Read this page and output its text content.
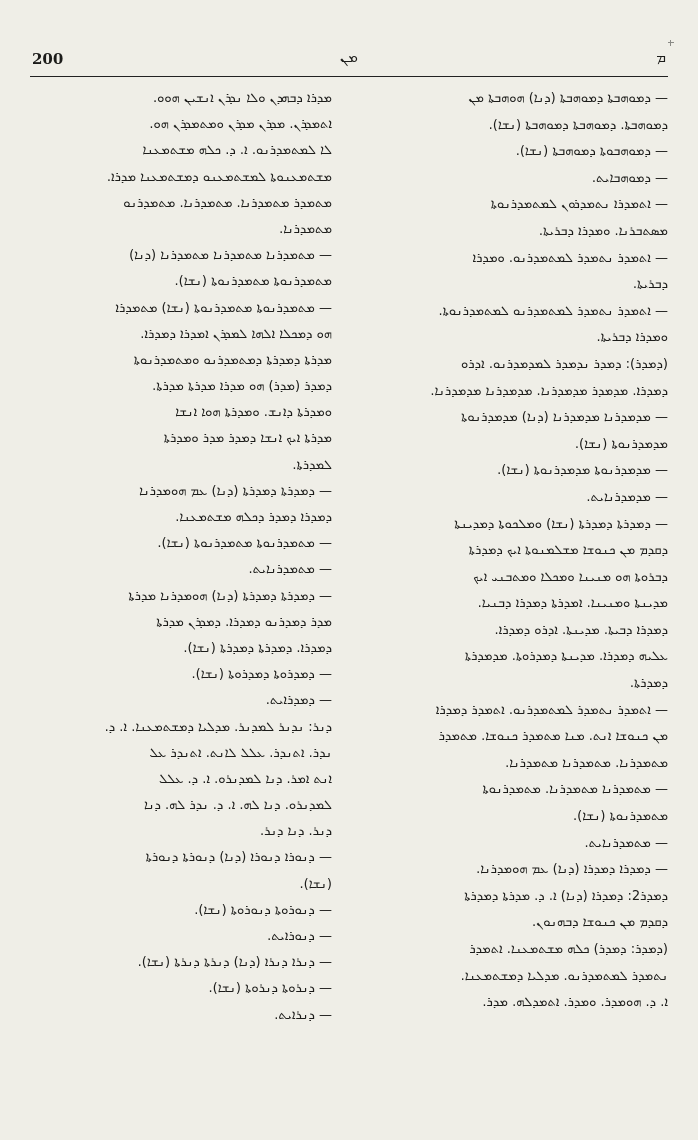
200	ܡܢ	ܡ
— ܕܡܘܗܒܬܐ ܕܡܘܗܒܬܐ (ܕܢܐ) ܗܘܗܒܬܐ ܡܢ
ܕܡܘܗܒܬܐ. ܕܡܘܗܒܬܐ ܕܡܘܗܒܬܐ (ܢܫܐ).
— ܕܡܘܗܒܘܬܐ ܕܡܘܗܒܬܐ (ܢܫܐ).
— ܕܡܘܗܒܐܝܬ.
— ܐܬܡܕܪܐ ܢܬܡܕܪܘܢ ܠܡܬܡܕܪܢܘܬܐ
ܡܣܬܒܪܢܐ. ܘܡܕܪܐ ܕܒܪܝܬܐ.
— ܐܬܡܕܪ ܢܬܡܕܪ ܠܡܬܡܕܪܢܘ. ܘܡܕܪܐ
ܕܒܪܝܬܐ.
— ܐܬܡܕܪ ܢܬܡܕܪ ܠܡܬܡܕܪܢܘ ܠܡܬܡܕܪܢܘܬܐ.
ܘܡܕܪܐ ܕܒܪܝܬܐ.
(ܕܡܕܪ): ܕܡܕܪ ܢܕܡܕܪ ܠܡܕܡܕܪܢܘ. ܐܕܪܘ
ܕܡܕܪܐ. ܡܕܡܕܪ ܡܕܡܕܪܢܐ. ܡܕܡܕܪܢܐ ܡܕܡܕܪܢܐ.
— ܡܕܡܕܪܢܐ ܡܕܡܕܪܢܐ (ܕܢܐ) ܡܕܡܕܪܢܘܬܐ
ܡܕܡܕܪܢܘܬܐ (ܢܫܐ).
— ܡܕܡܕܪܢܘܬܐ ܡܕܡܕܪܢܘܬܐ (ܢܫܐ).
— ܡܕܡܕܪܢܐܝܬ.
— ܕܡܕܪܬܐ ܕܡܕܪܬܐ (ܢܫܐ) ܘܡܠܟܘܬܐ ܕܡܕܝܢܬܐ
ܕܩܕܡ ܡܢ ܟܢܘܫܐ ܡܫܠܡܢܘܬܐ ܐܝܟ ܕܡܕܪܬܐ
ܕܒܪܘܬܐ ܗܘ ܡܢܝܢܐ ܘܡܟܠܐ ܘܡܬܒܢܝ ܐܝܟ
ܡܕܝܢܬܐ ܘܡܢܝܢܐ. ܐܡܕܪܬܐ ܕܡܕܪܐ ܕܒܢܝܐ.
ܕܡܕܪܐ ܕܒܝܬܐ. ܡܕܝܢܬܐ. ܐܕܪܘ ܕܡܕܪܐ.
ܥܠܝܗ ܕܡܕܪܐ. ܡܕܝܢܬܐ ܕܡܕܪܘܬܐ. ܡܕܡܕܪܬܐ
ܕܡܕܪܬܐ.
— ܐܬܡܕܪ ܢܬܡܕܪ ܠܡܬܡܕܪܢܘ. ܐܬܡܕܪ ܕܡܕܪܐ
ܡܢ ܟܢܘܫܐ ܐܢܬ. ܡܢܐ ܡܬܡܕܪ ܟܢܘܫܐ. ܡܬܡܕܪ
ܡܬܡܕܪܢܐ. ܡܬܡܕܪܢܐ ܡܬܡܕܪܢܐ.
— ܡܬܡܕܪܢܐ ܡܬܡܕܪܢܐ. ܡܬܡܕܪܢܘܬܐ
ܡܬܡܕܪܢܘܬܐ (ܢܫܐ).
— ܡܬܡܕܪܢܐܝܬ.
— ܕܡܕܪܐ ܕܡܕܪܐ (ܕܢܐ) ܥܡ ܗܘܡܕܪܢܐ.
ܕܡܕܪ2: ܕܡܕܪܐ (ܕܢܐ) ܐ. ܕ. ܡܕܪܬܐ ܕܡܕܪܬܐ
ܕܩܕܡ ܡܢ ܟܢܘܫܐ ܕܒܗܢܘܢ.
(ܕܡܕܪ: ܕܡܕܪ) ܟܠܗ ܡܫܬܡܥܢܐ. ܐܬܡܕܪ
ܢܬܡܕܪ ܠܡܬܡܕܪܢܘ. ܡܕܠܝܐ ܕܡܫܬܡܥܢܐ.
ܐ. ܕ. ܗܘܡܕܪ. ܘܡܕܪ. ܐܬܡܕܠܗ. ܡܕܪ.
ܡܕܪܐ ܕܒܗܕܢ ܘܠܐ ܢܕܪܢ ܐܢܫܝܢ ܗܘܘ.
ܐܬܡܕܪܢ. ܡܕܪܢ ܡܕܪܢ ܘܡܬܡܕܪܢ ܗܘ.
ܠܐ ܠܡܬܡܕܪܢܘ. ܐ. ܕ. ܟܠܗ ܡܫܬܡܥܢܐ
ܡܫܬܡܥܢܘܬܐ ܠܡܫܬܡܥܢܘ ܕܡܫܬܡܥܢܐ ܡܕܪܐ.
ܡܬܡܕܪ ܡܬܡܕܪܢܐ. ܡܬܡܕܪܢܐ. ܡܬܡܕܪܢܘ
ܡܬܡܕܪܢܐ.
— ܡܬܡܕܪܢܐ ܡܬܡܕܪܢܐ ܡܬܡܕܪܢܐ (ܕܢܐ)
ܡܬܡܕܪܢܘܬܐ ܡܬܡܕܪܢܘܬܐ (ܢܫܐ).
— ܡܬܡܕܪܢܘܬܐ ܡܬܡܕܪܢܘܬܐ (ܢܫܐ) ܡܬܡܕܪܐ
ܗܘ ܕܡܟܠܐ ܐܠܗܐ ܠܡܕܪܢ ܐܡܕܪܐ ܕܡܕܪܐ.
ܡܕܪܬܐ ܕܡܕܪܬܐ ܕܡܬܡܕܪܢܘ ܘܡܬܡܕܪܢܘܬܐ
ܕܡܕܪ (ܡܕܪ) ܗܘ ܡܕܪܐ ܡܕܪܬܐ ܡܕܪܬܐ.
ܘܡܕܪܬܐ ܕܐܢܫ. ܘܡܕܪܬܐ ܗܘܐ ܐܢܫܐ
ܡܕܪܬܐ ܐܝܟ ܐܢܫܐ ܕܡܕܪ ܡܕܪ ܘܡܕܪܬܐ
ܠܡܕܪܬܐ.
— ܕܡܕܪܬܐ ܕܡܕܪܬܐ (ܕܢܐ) ܥܡ ܗܘܡܕܪܢܐ
ܕܡܕܪܐ ܕܡܕܪ ܕܟܠܗ ܡܫܬܡܥܢܐ.
— ܡܬܡܕܪܢܘܬܐ ܡܬܡܕܪܢܘܬܐ (ܢܫܐ).
— ܡܬܡܕܪܢܐܝܬ.
— ܕܡܕܪܬܐ ܕܡܕܪܬܐ (ܕܢܐ) ܗܘܡܕܪܢܐ ܡܕܪܬܐ
ܡܕܪ ܕܡܕܪܢܘ ܕܡܕܪܐ. ܕܡܕܪܢ ܡܕܪܬܐ
ܕܡܕܪܐ. ܕܡܕܪܬܐ ܕܡܕܪܬܐ (ܢܫܐ).
— ܕܡܕܪܘܬܐ ܕܡܕܪܘܬܐ (ܢܫܐ).
— ܕܡܕܪܐܝܬ.
ܕܢܪ: ܢܕܢܪ ܠܡܕܢܪ. ܡܕܠܝܐ ܕܡܫܬܡܥܢܐ. ܐ. ܕ.
ܢܕܪ. ܐܬܢܕܪ. ܥܠܠ ܠܐܢܬ. ܐܬܢܕܪ ܥܠ
ܐܢܬ ܐܡܪ. ܕܢܐ ܠܡܕܢܪܘ. ܐ. ܕ. ܥܠܠ
ܠܡܕܢܪܘ. ܕܢܐ ܠܗ. ܐ. ܕ. ܢܕܪ ܠܗ. ܕܢܐ
ܕܢܪ. ܕܢܐ ܕܢܪ.
— ܕܢܘܪܐ ܕܢܘܪܐ (ܕܢܐ) ܕܢܘܪܬܐ ܕܢܘܪܬܐ
(ܢܫܐ).
— ܕܢܘܪܘܬܐ ܕܢܘܪܘܬܐ (ܢܫܐ).
— ܕܢܘܪܐܝܬ.
— ܕܢܪܐ ܕܢܪܐ (ܕܢܐ) ܕܢܪܬܐ ܕܢܪܬܐ (ܢܫܐ).
— ܕܢܪܘܬܐ ܕܢܪܘܬܐ (ܢܫܐ).
— ܕܢܪܐܝܬ.
